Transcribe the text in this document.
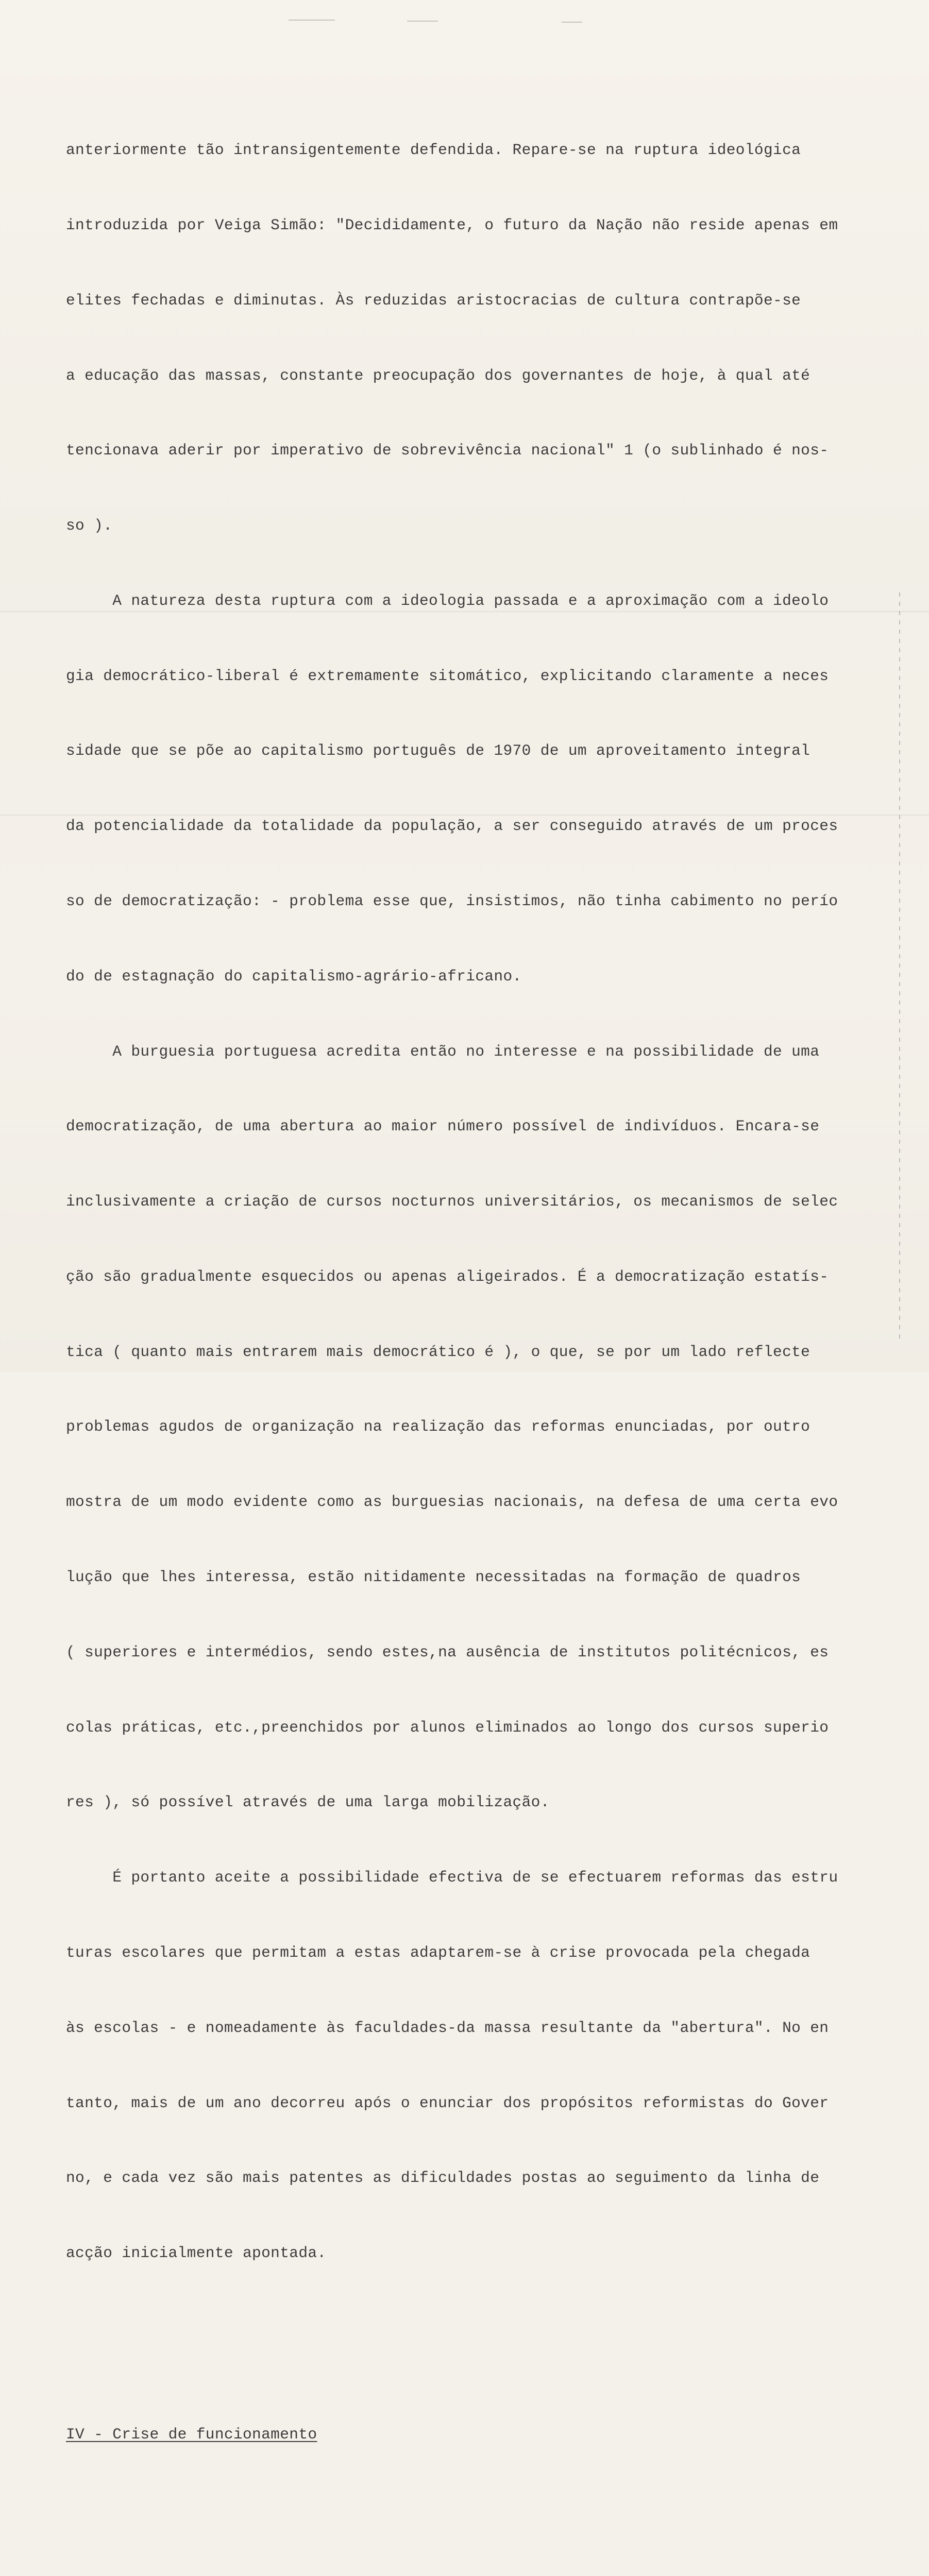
anteriormente tão intransigentemente defendida. Repare-se na ruptura ideológica

introduzida por Veiga Simão: "Decididamente, o futuro da Nação não reside apenas em

elites fechadas e diminutas. Às reduzidas aristocracias de cultura contrapõe-se

a educação das massas, constante preocupação dos governantes de hoje, à qual até

tencionava aderir por imperativo de sobrevivência nacional" 1 (o sublinhado é nos-

so ).

A natureza desta ruptura com a ideologia passada e a aproximação com a ideolo

gia democrático-liberal é extremamente sitomático, explicitando claramente a neces

sidade que se põe ao capitalismo português de 1970 de um aproveitamento integral

da potencialidade da totalidade da população, a ser conseguido através de um proces

so de democratização: - problema esse que, insistimos, não tinha cabimento no perío

do de estagnação do capitalismo-agrário-africano.

A burguesia portuguesa acredita então no interesse e na possibilidade de uma

democratização, de uma abertura ao maior número possível de indivíduos. Encara-se

inclusivamente a criação de cursos nocturnos universitários, os mecanismos de selec

ção são gradualmente esquecidos ou apenas aligeirados. É a democratização estatís-

tica ( quanto mais entrarem mais democrático é ), o que, se por um lado reflecte

problemas agudos de organização na realização das reformas enunciadas, por outro

mostra de um modo evidente como as burguesias nacionais, na defesa de uma certa evo

lução que lhes interessa, estão nitidamente necessitadas na formação de quadros

( superiores e intermédios, sendo estes,na ausência de institutos politécnicos, es

colas práticas, etc.,preenchidos por alunos eliminados ao longo dos cursos superio

res ), só possível através de uma larga mobilização.

É portanto aceite a possibilidade efectiva de se efectuarem reformas das estru

turas escolares que permitam a estas adaptarem-se à crise provocada pela chegada

às escolas - e nomeadamente às faculdades-da massa resultante da "abertura". No en

tanto, mais de um ano decorreu após o enunciar dos propósitos reformistas do Gover

no, e cada vez são mais patentes as dificuldades postas ao seguimento da linha de

acção inicialmente apontada.

IV - Crise de funcionamento
